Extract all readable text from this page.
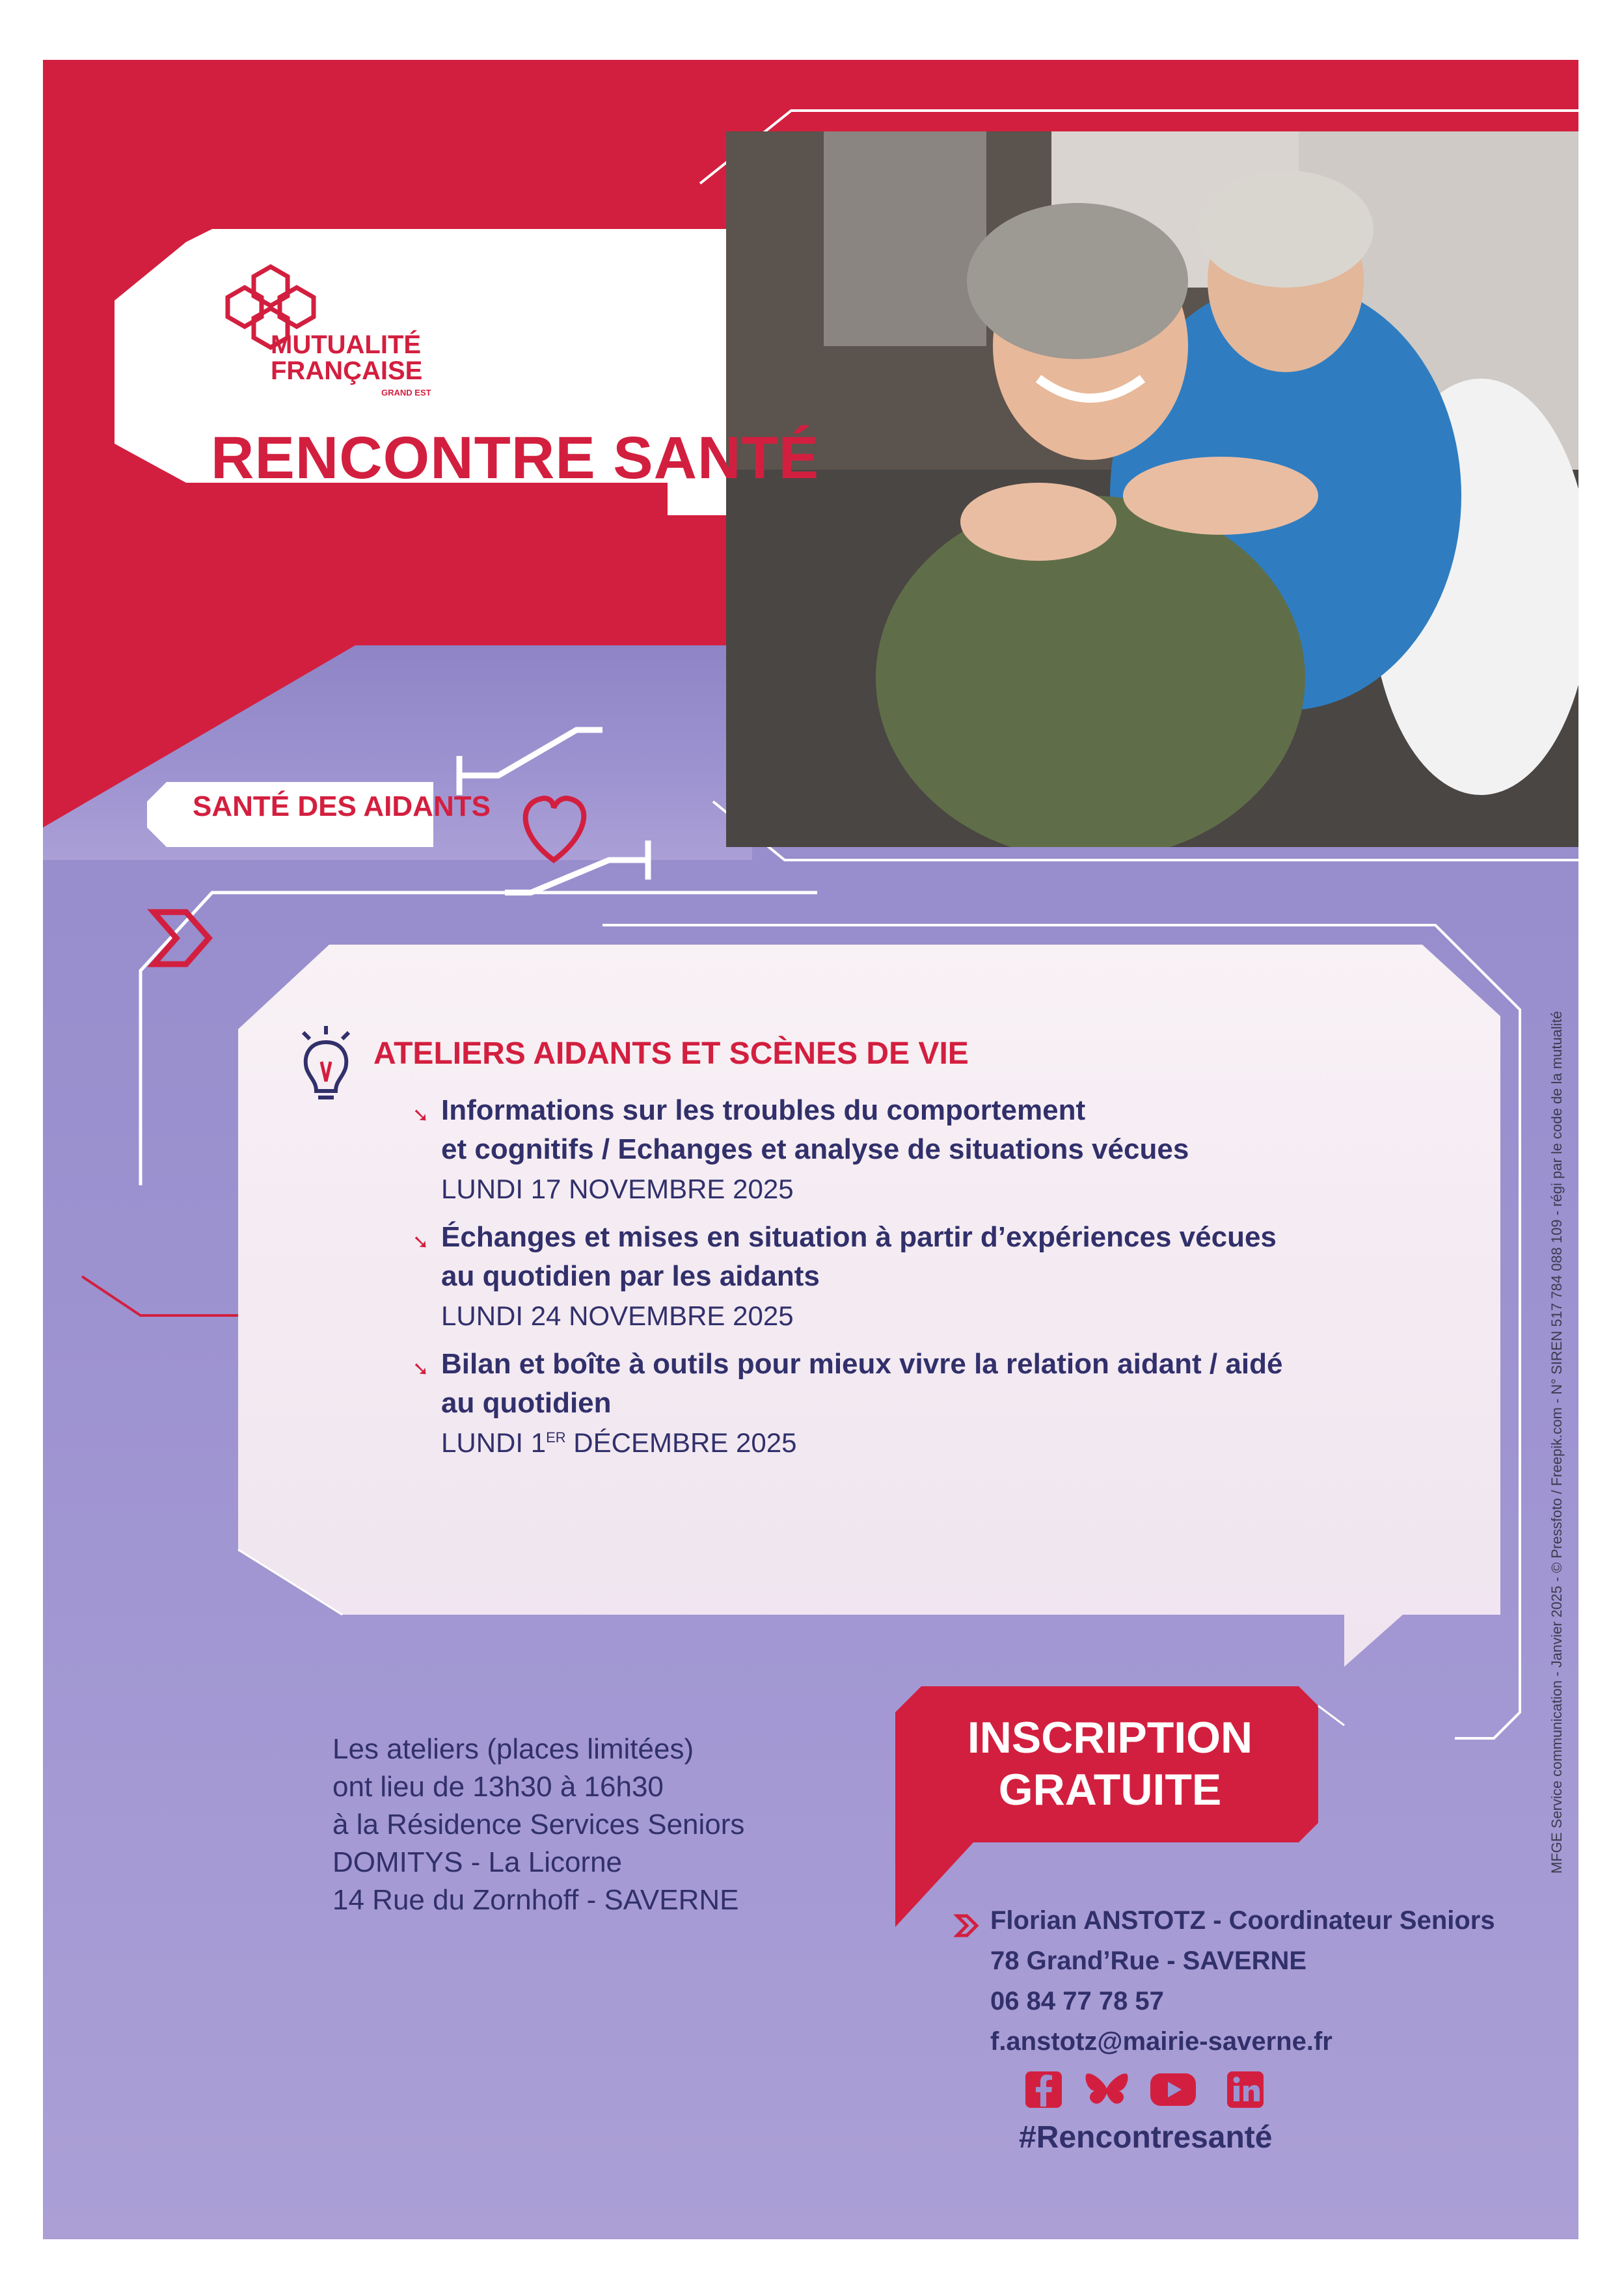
MUTUALITÉ
FRANÇAISE
GRAND EST
RENCONTRE SANTÉ
SANTÉ DES AIDANTS
ATELIERS AIDANTS ET SCÈNES DE VIE
➘ Informations sur les troubles du comportement
et cognitifs / Echanges et analyse de situations vécues
LUNDI 17 NOVEMBRE 2025
➘ Échanges et mises en situation à partir d’expériences vécues
au quotidien par les aidants
LUNDI 24 NOVEMBRE 2025
➘ Bilan et boîte à outils pour mieux vivre la relation aidant / aidé
au quotidien
LUNDI 1ER DÉCEMBRE 2025
Les ateliers (places limitées)
ont lieu de 13h30 à 16h30
à la Résidence Services Seniors
DOMITYS - La Licorne
14 Rue du Zornhoff - SAVERNE
INSCRIPTION
GRATUITE
Florian ANSTOTZ - Coordinateur Seniors
78 Grand’Rue - SAVERNE
06 84 77 78 57
f.anstotz@mairie-saverne.fr
#Rencontresanté
MFGE Service communication - Janvier 2025 - © Pressfoto / Freepik.com - N° SIREN 517 784 088 109 - régi par le code de la mutualité
